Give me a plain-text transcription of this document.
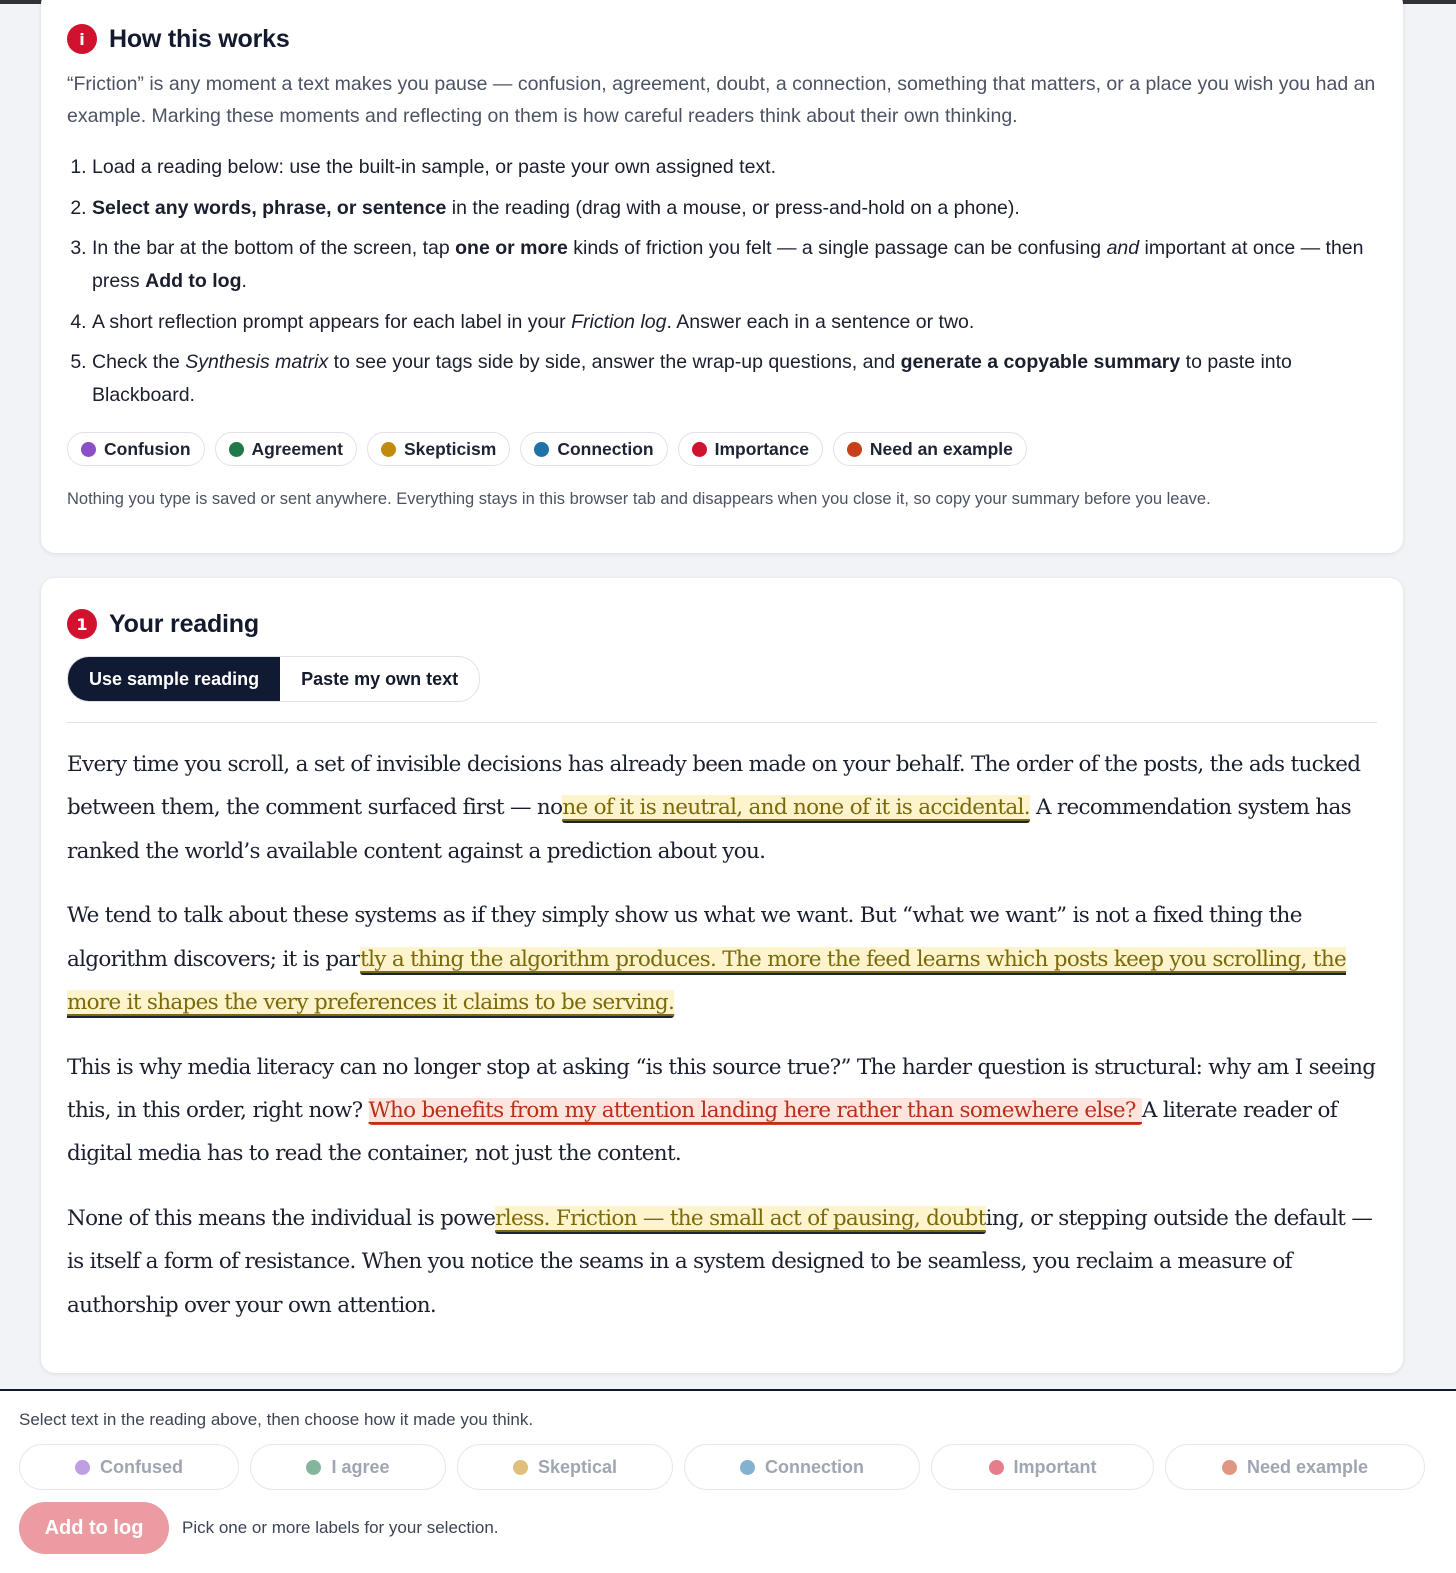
i How this works

“Friction” is any moment a text makes you pause — confusion, agreement, doubt, a connection, something that matters, or a place you wish you had an example. Marking these moments and reflecting on them is how careful readers think about their own thinking.

1. Load a reading below: use the built-in sample, or paste your own assigned text.
2. Select any words, phrase, or sentence in the reading (drag with a mouse, or press-and-hold on a phone).
3. In the bar at the bottom of the screen, tap one or more kinds of friction you felt — a single passage can be confusing and important at once — then press Add to log.
4. A short reflection prompt appears for each label in your Friction log. Answer each in a sentence or two.
5. Check the Synthesis matrix to see your tags side by side, answer the wrap-up questions, and generate a copyable summary to paste into Blackboard.
Confusion	Agreement	Skepticism	Connection	Importance	Need an example
Nothing you type is saved or sent anywhere. Everything stays in this browser tab and disappears when you close it, so copy your summary before you leave.
1 Your reading
Use sample reading	Paste my own text

Every time you scroll, a set of invisible decisions has already been made on your behalf. The order of the posts, the ads tucked between them, the comment surfaced first — none of it is neutral, and none of it is accidental. A recommendation system has ranked the world’s available content against a prediction about you.

We tend to talk about these systems as if they simply show us what we want. But “what we want” is not a fixed thing the algorithm discovers; it is partly a thing the algorithm produces. The more the feed learns which posts keep you scrolling, the more it shapes the very preferences it claims to be serving.

This is why media literacy can no longer stop at asking “is this source true?” The harder question is structural: why am I seeing this, in this order, right now? Who benefits from my attention landing here rather than somewhere else? A literate reader of digital media has to read the container, not just the content.

None of this means the individual is powerless. Friction — the small act of pausing, doubting, or stepping outside the default — is itself a form of resistance. When you notice the seams in a system designed to be seamless, you reclaim a measure of authorship over your own attention.

Select text in the reading above, then choose how it made you think.
Confused	I agree	Skeptical	Connection	Important	Need example
Add to log	Pick one or more labels for your selection.
